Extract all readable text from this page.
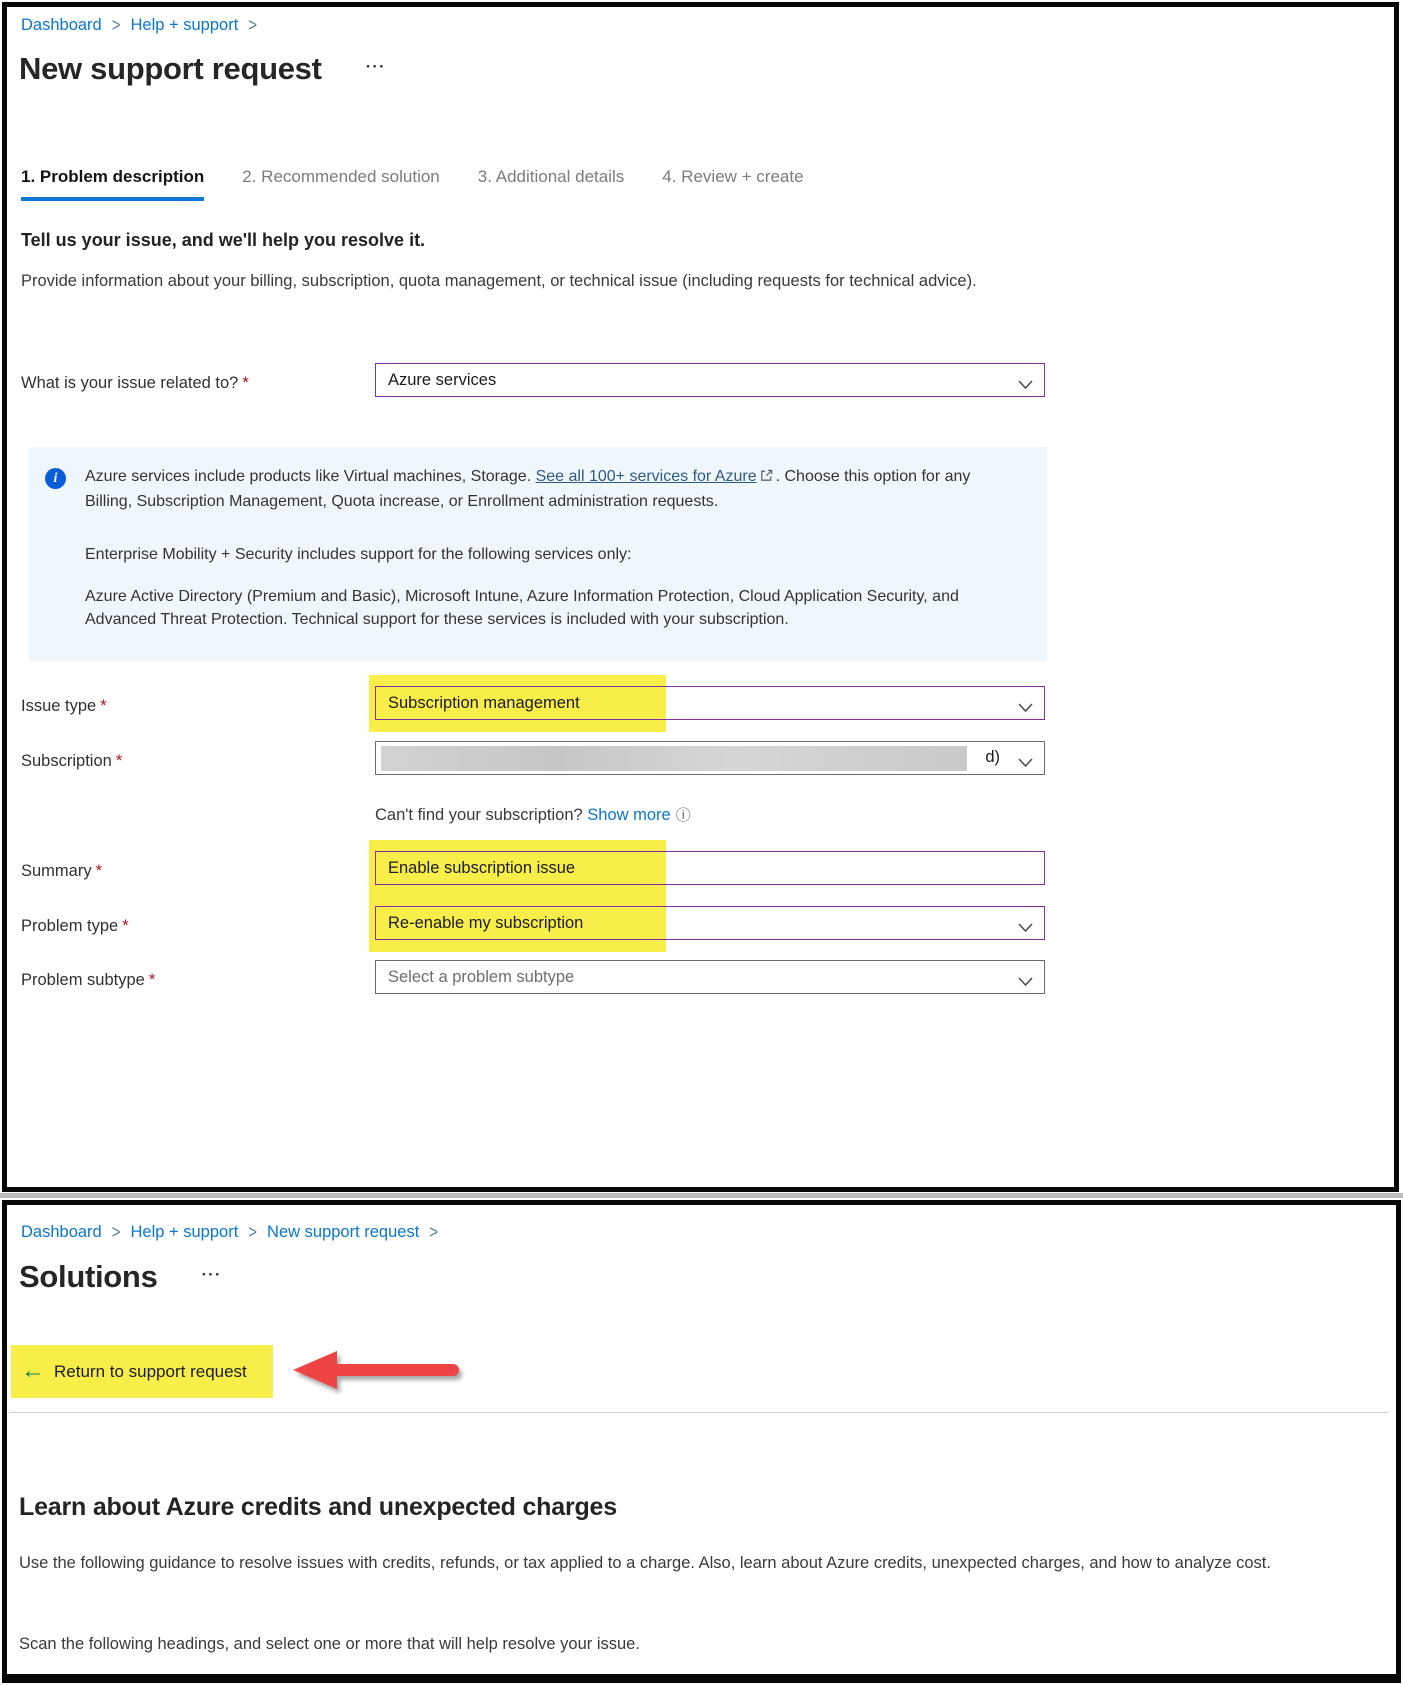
Dashboard > Help + support >
New support request	···
1. Problem description 2. Recommended solution 3. Additional details 4. Review + create
Tell us your issue, and we'll help you resolve it.
Provide information about your billing, subscription, quota management, or technical issue (including requests for technical advice).
What is your issue related to? *	Azure services
i	Azure services include products like Virtual machines, Storage. See all 100+ services for Azure . Choose this option for any Billing, Subscription Management, Quota increase, or Enrollment administration requests.
Enterprise Mobility + Security includes support for the following services only:
Azure Active Directory (Premium and Basic), Microsoft Intune, Azure Information Protection, Cloud Application Security, and Advanced Threat Protection. Technical support for these services is included with your subscription.
Issue type *	Subscription management
Subscription *	d)
Can't find your subscription? Show more ⓘ
Summary *	Enable subscription issue
Problem type *	Re-enable my subscription
Problem subtype *	Select a problem subtype
Dashboard > Help + support > New support request >
Solutions	···
← Return to support request
Learn about Azure credits and unexpected charges
Use the following guidance to resolve issues with credits, refunds, or tax applied to a charge. Also, learn about Azure credits, unexpected charges, and how to analyze cost.
Scan the following headings, and select one or more that will help resolve your issue.
